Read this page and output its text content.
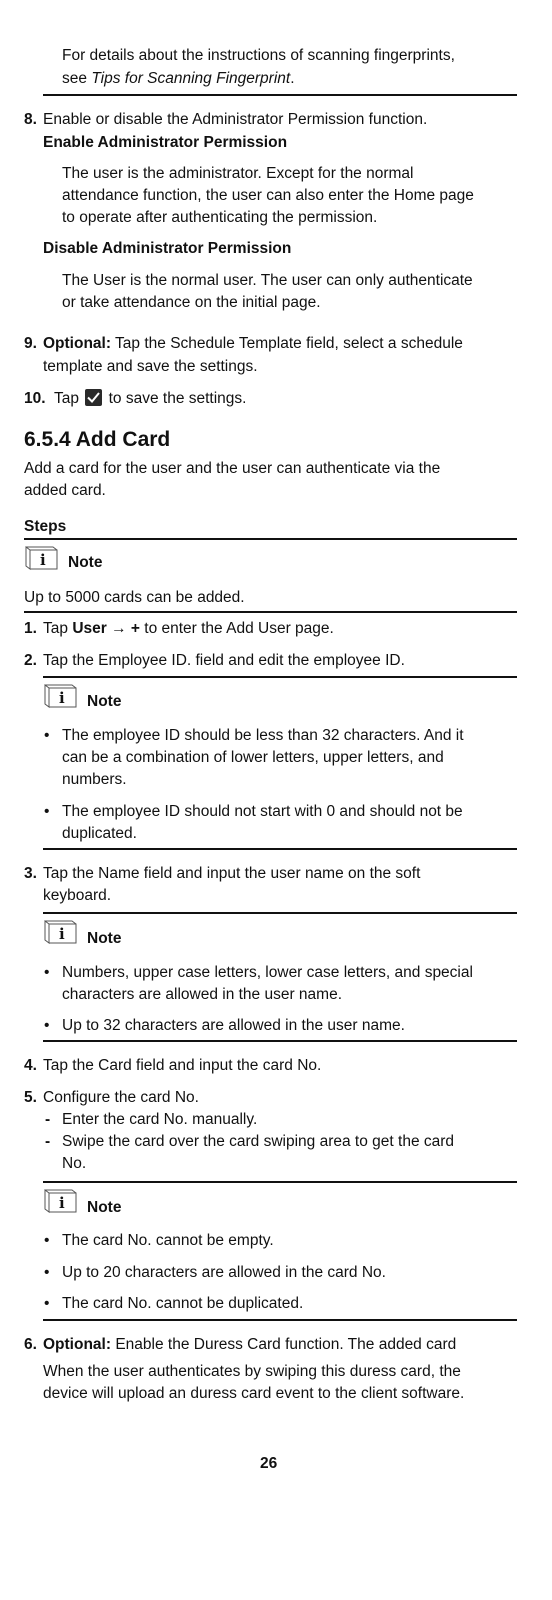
For details about the instructions of scanning fingerprints,
see Tips for Scanning Fingerprint.
8. Enable or disable the Administrator Permission function.
Enable Administrator Permission
The user is the administrator. Except for the normal
attendance function, the user can also enter the Home page
to operate after authenticating the permission.
Disable Administrator Permission
The User is the normal user. The user can only authenticate
or take attendance on the initial page.
9. Optional: Tap the Schedule Template field, select a schedule
template and save the settings.
10. Tap
to save the settings.
6.5.4 Add Card
Add a card for the user and the user can authenticate via the
added card.
Steps
i Note
Up to 5000 cards can be added.
1. Tap User → + to enter the Add User page.
2. Tap the Employee ID. field and edit the employee ID.
i Note
• The employee ID should be less than 32 characters. And it
can be a combination of lower letters, upper letters, and
numbers.
• The employee ID should not start with 0 and should not be
duplicated.
3. Tap the Name field and input the user name on the soft
keyboard.
i Note
• Numbers, upper case letters, lower case letters, and special
characters are allowed in the user name.
• Up to 32 characters are allowed in the user name.
4. Tap the Card field and input the card No.
5. Configure the card No.
- Enter the card No. manually.
- Swipe the card over the card swiping area to get the card
No.
i Note
• The card No. cannot be empty.
• Up to 20 characters are allowed in the card No.
• The card No. cannot be duplicated.
6. Optional: Enable the Duress Card function. The added card
When the user authenticates by swiping this duress card, the
device will upload an duress card event to the client software.
26
